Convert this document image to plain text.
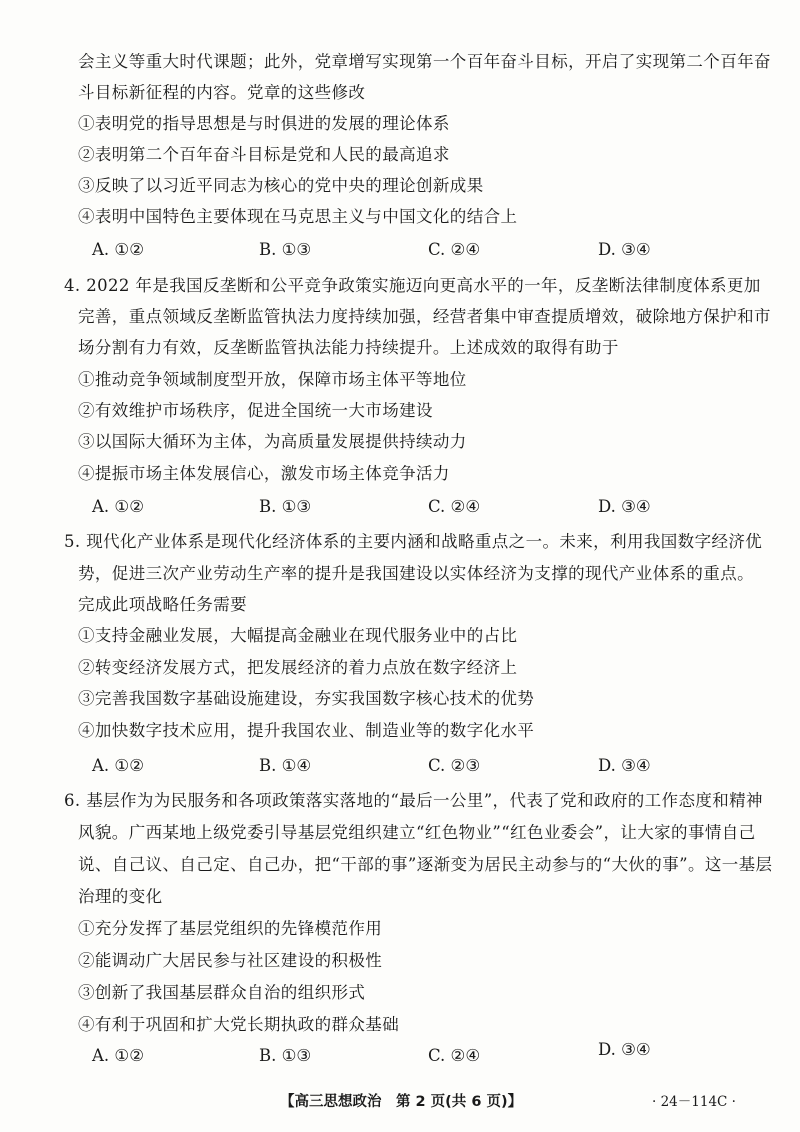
会主义等重大时代课题；此外，党章增写实现第一个百年奋斗目标，开启了实现第二个百年奋
斗目标新征程的内容。党章的这些修改
①表明党的指导思想是与时俱进的发展的理论体系
②表明第二个百年奋斗目标是党和人民的最高追求
③反映了以习近平同志为核心的党中央的理论创新成果
④表明中国特色主要体现在马克思主义与中国文化的结合上
A. ①②	B. ①③	C. ②④	D. ③④
4. 2022 年是我国反垄断和公平竞争政策实施迈向更高水平的一年，反垄断法律制度体系更加
完善，重点领域反垄断监管执法力度持续加强，经营者集中审查提质增效，破除地方保护和市
场分割有力有效，反垄断监管执法能力持续提升。上述成效的取得有助于
①推动竞争领域制度型开放，保障市场主体平等地位
②有效维护市场秩序，促进全国统一大市场建设
③以国际大循环为主体，为高质量发展提供持续动力
④提振市场主体发展信心，激发市场主体竞争活力
A. ①②	B. ①③	C. ②④	D. ③④
5. 现代化产业体系是现代化经济体系的主要内涵和战略重点之一。未来，利用我国数字经济优
势，促进三次产业劳动生产率的提升是我国建设以实体经济为支撑的现代产业体系的重点。
完成此项战略任务需要
①支持金融业发展，大幅提高金融业在现代服务业中的占比
②转变经济发展方式，把发展经济的着力点放在数字经济上
③完善我国数字基础设施建设，夯实我国数字核心技术的优势
④加快数字技术应用，提升我国农业、制造业等的数字化水平
A. ①②	B. ①④	C. ②③	D. ③④
6. 基层作为为民服务和各项政策落实落地的“最后一公里”，代表了党和政府的工作态度和精神
风貌。广西某地上级党委引导基层党组织建立“红色物业”“红色业委会”，让大家的事情自己
说、自己议、自己定、自己办，把“干部的事”逐渐变为居民主动参与的“大伙的事”。这一基层
治理的变化
①充分发挥了基层党组织的先锋模范作用
②能调动广大居民参与社区建设的积极性
③创新了我国基层群众自治的组织形式
④有利于巩固和扩大党长期执政的群众基础
A. ①②	B. ①③	C. ②④	D. ③④
【高三思想政治　第 2 页(共 6 页)】	· 24－114C ·
